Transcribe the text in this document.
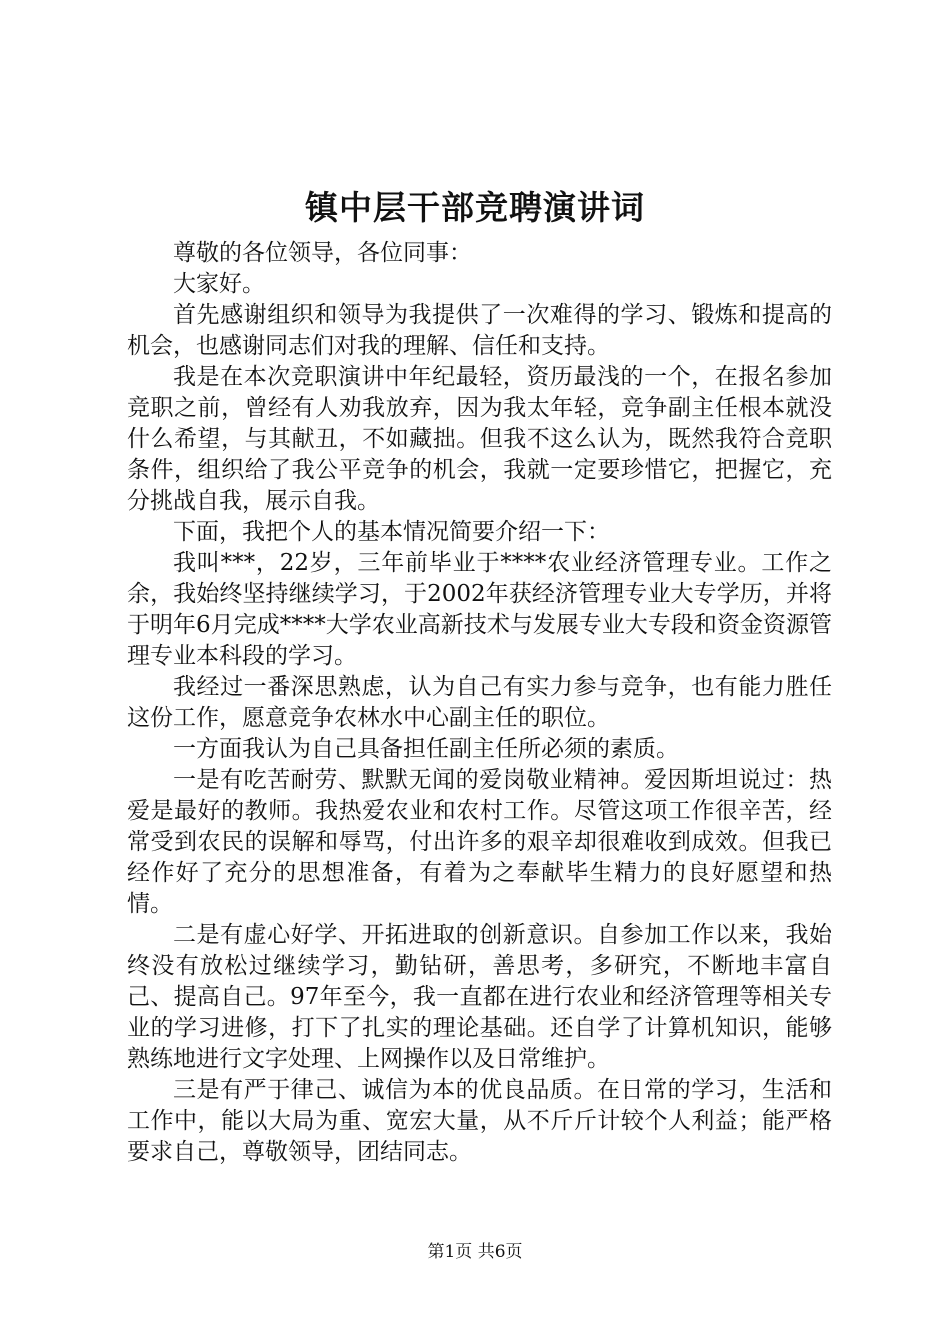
镇中层干部竞聘演讲词

尊敬的各位领导，各位同事：

大家好。

首先感谢组织和领导为我提供了一次难得的学习、锻炼和提高的机会，也感谢同志们对我的理解、信任和支持。

我是在本次竞职演讲中年纪最轻，资历最浅的一个，在报名参加竞职之前，曾经有人劝我放弃，因为我太年轻，竞争副主任根本就没什么希望，与其献丑，不如藏拙。但我不这么认为，既然我符合竞职条件，组织给了我公平竞争的机会，我就一定要珍惜它，把握它，充分挑战自我，展示自我。

下面，我把个人的基本情况简要介绍一下：

我叫***，22岁，三年前毕业于****农业经济管理专业。工作之余，我始终坚持继续学习，于2002年获经济管理专业大专学历，并将于明年6月完成****大学农业高新技术与发展专业大专段和资金资源管理专业本科段的学习。

我经过一番深思熟虑，认为自己有实力参与竞争，也有能力胜任这份工作，愿意竞争农林水中心副主任的职位。

一方面我认为自己具备担任副主任所必须的素质。

一是有吃苦耐劳、默默无闻的爱岗敬业精神。爱因斯坦说过：热爱是最好的教师。我热爱农业和农村工作。尽管这项工作很辛苦，经常受到农民的误解和辱骂，付出许多的艰辛却很难收到成效。但我已经作好了充分的思想准备，有着为之奉献毕生精力的良好愿望和热情。

二是有虚心好学、开拓进取的创新意识。自参加工作以来，我始终没有放松过继续学习，勤钻研，善思考，多研究，不断地丰富自己、提高自己。97年至今，我一直都在进行农业和经济管理等相关专业的学习进修，打下了扎实的理论基础。还自学了计算机知识，能够熟练地进行文字处理、上网操作以及日常维护。

三是有严于律己、诚信为本的优良品质。在日常的学习，生活和工作中，能以大局为重、宽宏大量，从不斤斤计较个人利益；能严格要求自己，尊敬领导，团结同志。

第1页 共6页
